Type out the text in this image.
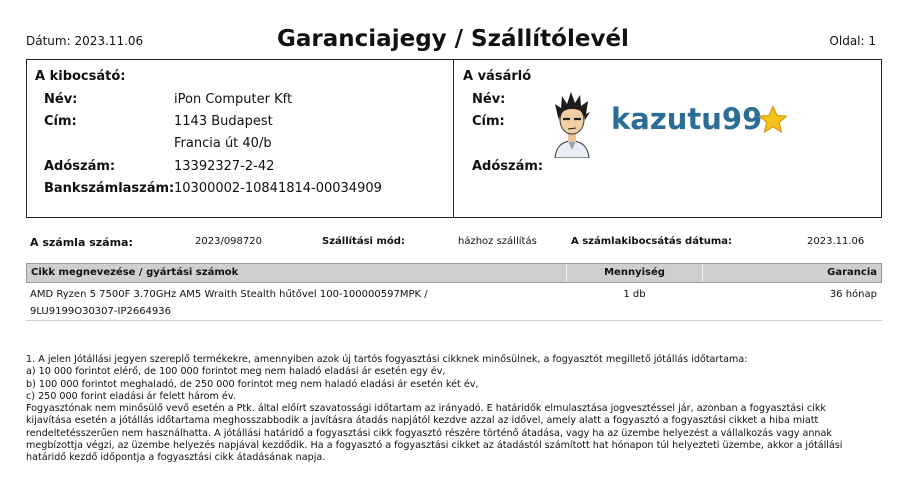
Dátum: 2023.11.06	Garanciajegy / Szállítólevél	Oldal: 1
A kibocsátó:
Név:	iPon Computer Kft
Cím:	1143 Budapest
Francia út 40/b
Adószám:	13392327-2-42
Bankszámlaszám: 10300002-10841814-00034909
A vásárló
Név:
Cím:
Adószám:
kazutu99
A számla száma:	2023/098720	Szállítási mód:	házhoz szállítás	A számlakibocsátás dátuma:	2023.11.06
Cikk megnevezése / gyártási számok	Mennyiség	Garancia
AMD Ryzen 5 7500F 3.70GHz AM5 Wraith Stealth hűtővel 100-100000597MPK /
9LU9199O30307-IP2664936
1 db	36 hónap
1. A jelen Jótállási jegyen szereplő termékekre, amennyiben azok új tartós fogyasztási cikknek minősülnek, a fogyasztót megillető jótállás időtartama:
a) 10 000 forintot elérő, de 100 000 forintot meg nem haladó eladási ár esetén egy év,
b) 100 000 forintot meghaladó, de 250 000 forintot meg nem haladó eladási ár esetén két év,
c) 250 000 forint eladási ár felett három év.
Fogyasztónak nem minősülő vevő esetén a Ptk. által előírt szavatossági időtartam az irányadó. E határidők elmulasztása jogvesztéssel jár, azonban a fogyasztási cikk
kijavítása esetén a jótállás időtartama meghosszabbodik a javításra átadás napjától kezdve azzal az idővel, amely alatt a fogyasztó a fogyasztási cikket a hiba miatt
rendeltetésszerűen nem használhatta. A jótállási határidő a fogyasztási cikk fogyasztó részére történő átadása, vagy ha az üzembe helyezést a vállalkozás vagy annak
megbízottja végzi, az üzembe helyezés napjával kezdődik. Ha a fogyasztó a fogyasztási cikket az átadástól számított hat hónapon túl helyezteti üzembe, akkor a jótállási
határidő kezdő időpontja a fogyasztási cikk átadásának napja.
